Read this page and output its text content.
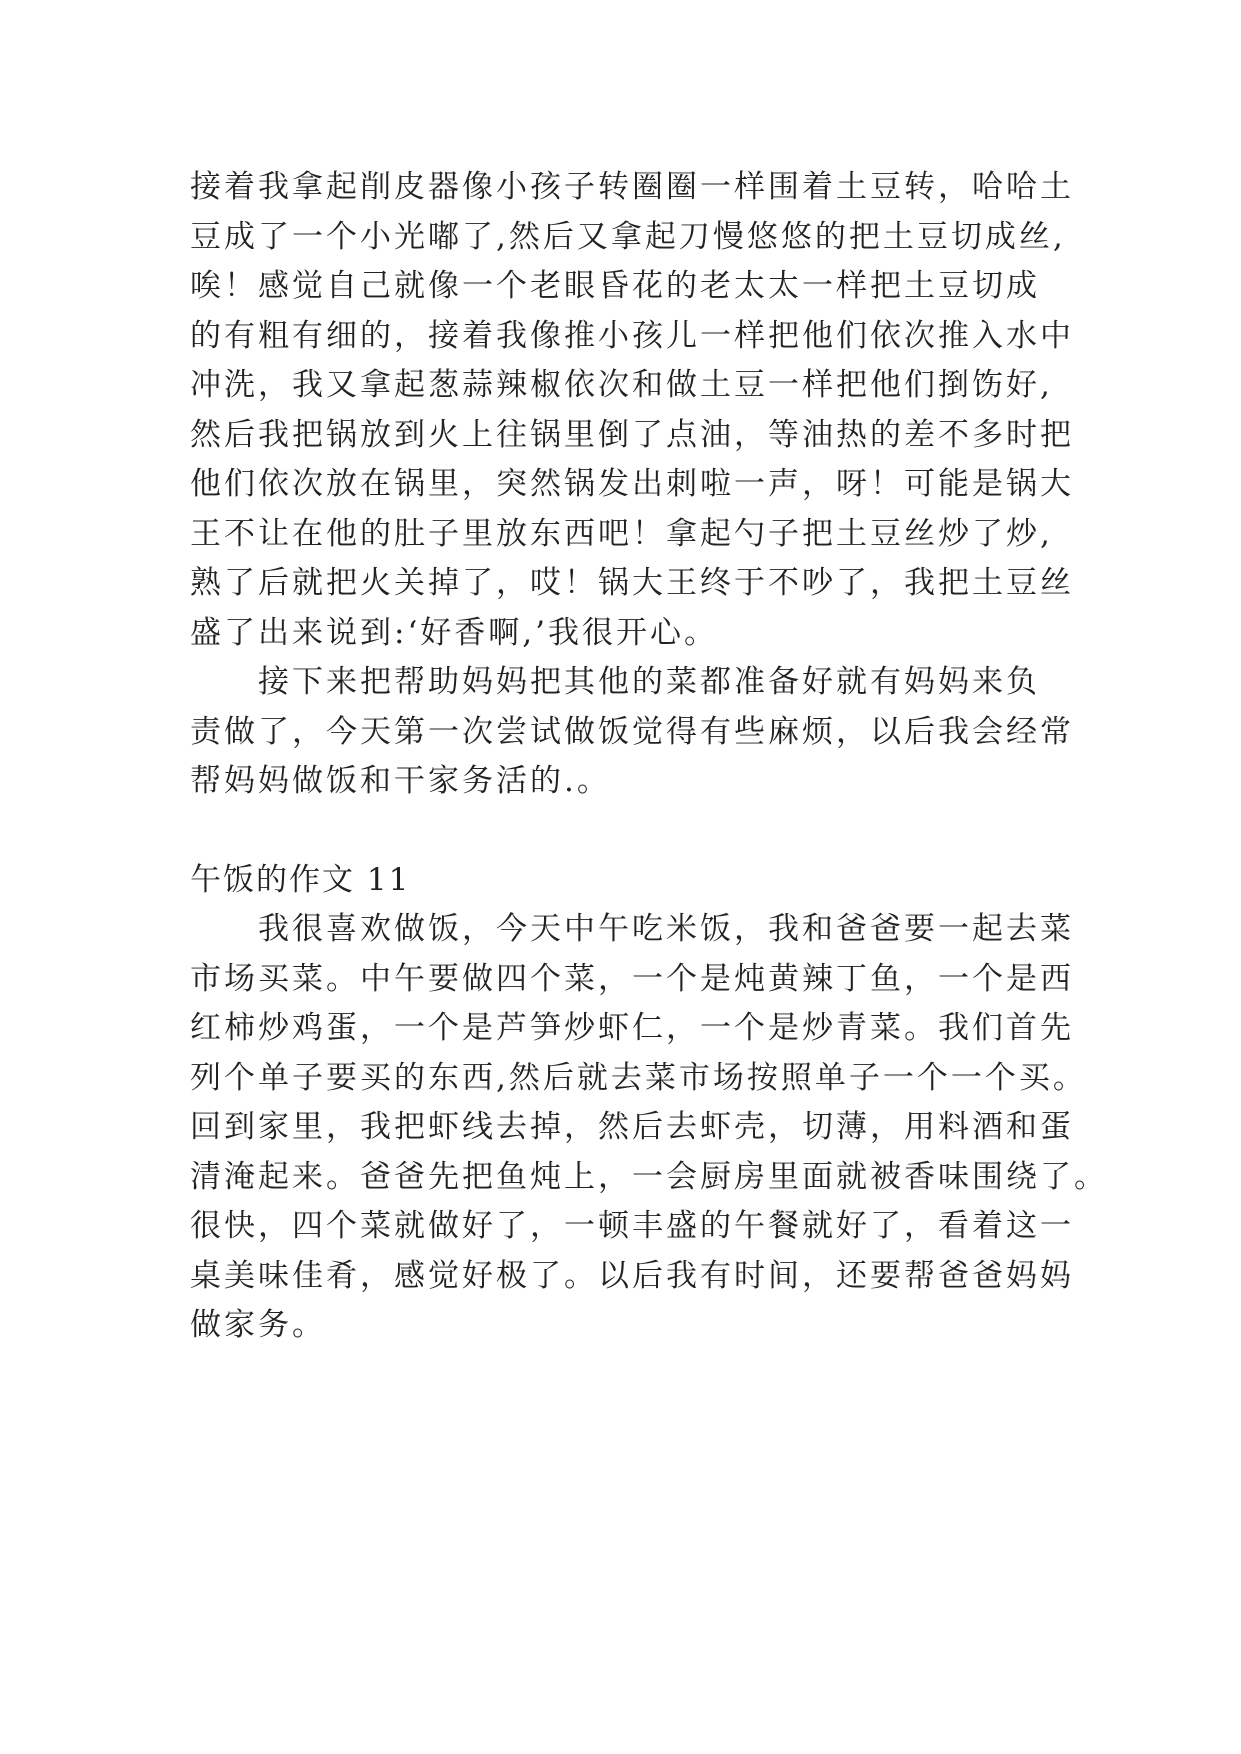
接着我拿起削皮器像小孩子转圈圈一样围着土豆转，哈哈土
豆成了一个小光嘟了,然后又拿起刀慢悠悠的把土豆切成丝,
唉！感觉自己就像一个老眼昏花的老太太一样把土豆切成
的有粗有细的，接着我像推小孩儿一样把他们依次推入水中
冲洗，我又拿起葱蒜辣椒依次和做土豆一样把他们捯饬好,
然后我把锅放到火上往锅里倒了点油，等油热的差不多时把
他们依次放在锅里，突然锅发出刺啦一声，呀！可能是锅大
王不让在他的肚子里放东西吧！拿起勺子把土豆丝炒了炒,
熟了后就把火关掉了，哎！锅大王终于不吵了，我把土豆丝
盛了出来说到:‘好香啊,’我很开心。
接下来把帮助妈妈把其他的菜都准备好就有妈妈来负
责做了，今天第一次尝试做饭觉得有些麻烦，以后我会经常
帮妈妈做饭和干家务活的.。
午饭的作文 11
我很喜欢做饭，今天中午吃米饭，我和爸爸要一起去菜
市场买菜。中午要做四个菜，一个是炖黄辣丁鱼，一个是西
红柿炒鸡蛋，一个是芦笋炒虾仁，一个是炒青菜。我们首先
列个单子要买的东西,然后就去菜市场按照单子一个一个买。
回到家里，我把虾线去掉，然后去虾壳，切薄，用料酒和蛋
清淹起来。爸爸先把鱼炖上，一会厨房里面就被香味围绕了。
很快，四个菜就做好了，一顿丰盛的午餐就好了，看着这一
桌美味佳肴，感觉好极了。以后我有时间，还要帮爸爸妈妈
做家务。
